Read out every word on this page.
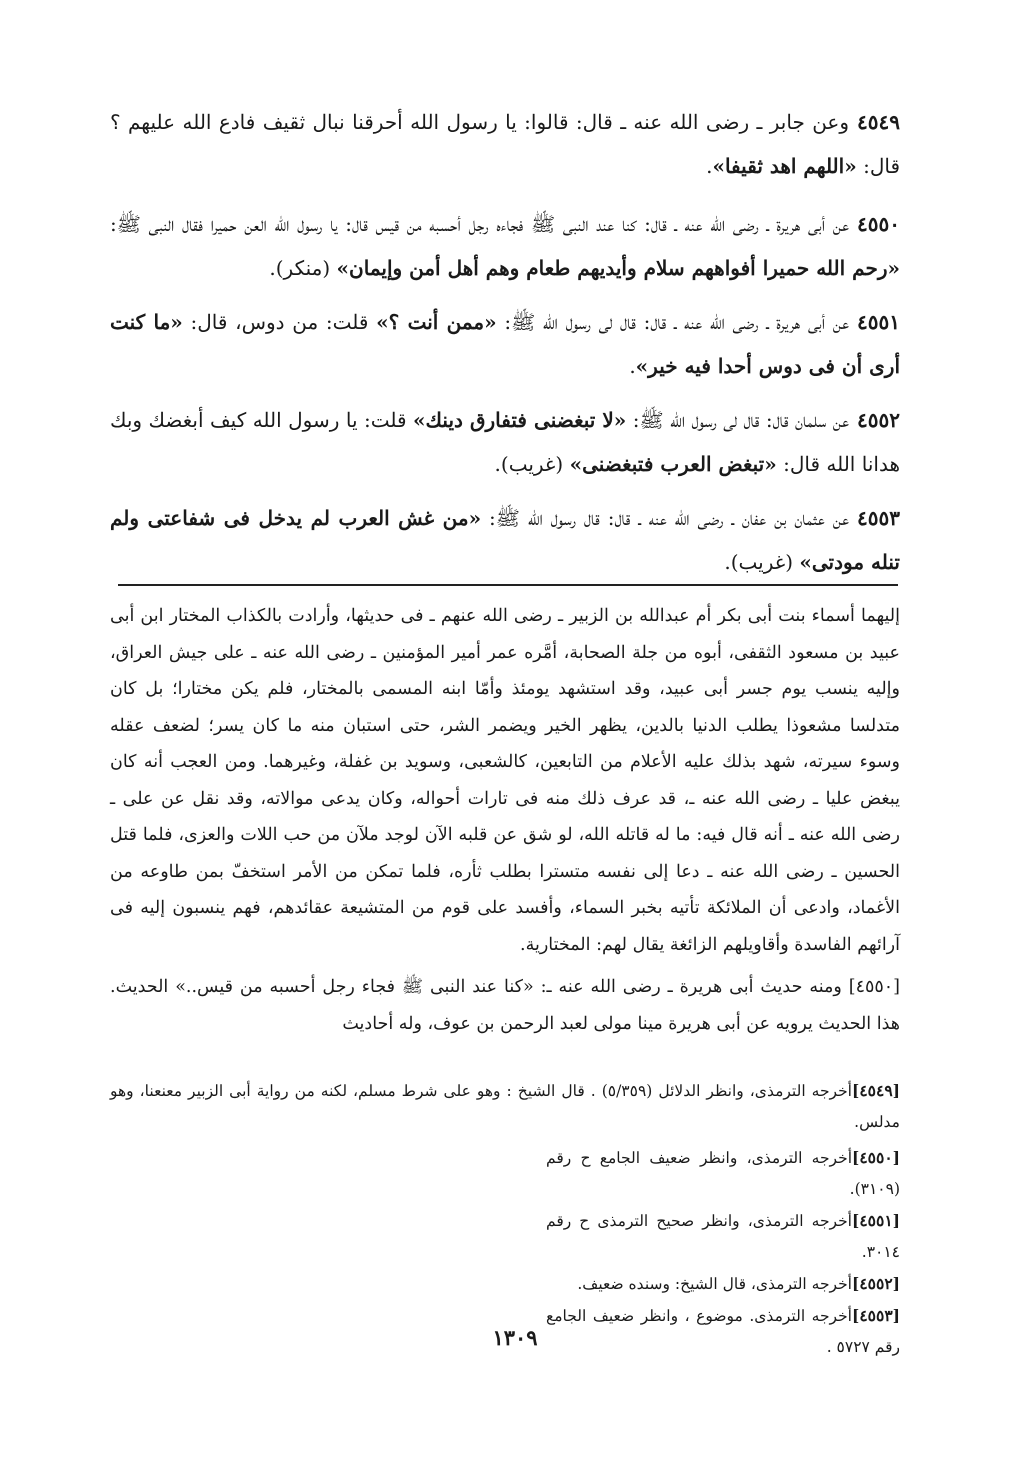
٤٥٤٩وعن جابر ـ رضى الله عنه ـ قال: قالوا: يا رسول الله أحرقنا نبال ثقيف فادع الله عليهم ؟ قال: «اللهم اهد ثقيفا».

٤٥٥٠عن أبى هريرة ـ رضى الله عنه ـ قال: كنا عند النبى ﷺ فجاءه رجل أحسبه من قيس قال: يا رسول الله العن حميرا فقال النبى ﷺ: «رحم الله حميرا أفواههم سلام وأيديهم طعام وهم أهل أمن وإيمان» (منكر).

٤٥٥١عن أبى هريرة ـ رضى الله عنه ـ قال: قال لى رسول الله ﷺ: «ممن أنت ؟» قلت: من دوس، قال: «ما كنت أرى أن فى دوس أحدا فيه خير».

٤٥٥٢عن سلمان قال: قال لى رسول الله ﷺ: «لا تبغضنى فتفارق دينك» قلت: يا رسول الله كيف أبغضك وبك هدانا الله قال: «تبغض العرب فتبغضنى» (غريب).

٤٥٥٣عن عثمان بن عفان ـ رضى الله عنه ـ قال: قال رسول الله ﷺ: «من غش العرب لم يدخل فى شفاعتى ولم تنله مودتى» (غريب).

إليهما أسماء بنت أبى بكر أم عبدالله بن الزبير ـ رضى الله عنهم ـ فى حديثها، وأرادت بالكذاب المختار ابن أبى عبيد بن مسعود الثقفى، أبوه من جلة الصحابة، أمَّره عمر أمير المؤمنين ـ رضى الله عنه ـ على جيش العراق، وإليه ينسب يوم جسر أبى عبيد، وقد استشهد يومئذ وأمّا ابنه المسمى بالمختار، فلم يكن مختارا؛ بل كان متدلسا مشعوذا يطلب الدنيا بالدين، يظهر الخير ويضمر الشر، حتى استبان منه ما كان يسر؛ لضعف عقله وسوء سيرته، شهد بذلك عليه الأعلام من التابعين، كالشعبى، وسويد بن غفلة، وغيرهما. ومن العجب أنه كان يبغض عليا ـ رضى الله عنه ـ، قد عرف ذلك منه فى تارات أحواله، وكان يدعى موالاته، وقد نقل عن على ـ رضى الله عنه ـ أنه قال فيه: ما له قاتله الله، لو شق عن قلبه الآن لوجد ملآن من حب اللات والعزى، فلما قتل الحسين ـ رضى الله عنه ـ دعا إلى نفسه متسترا بطلب ثأره، فلما تمكن من الأمر استخفّ بمن طاوعه من الأغماد، وادعى أن الملائكة تأتيه بخبر السماء، وأفسد على قوم من المتشيعة عقائدهم، فهم ينسبون إليه فى آرائهم الفاسدة وأقاويلهم الزائغة يقال لهم: المختارية.

[٤٥٥٠] ومنه حديث أبى هريرة ـ رضى الله عنه ـ: «كنا عند النبى ﷺ فجاء رجل أحسبه من قيس..» الحديث. هذا الحديث يرويه عن أبى هريرة مينا مولى لعبد الرحمن بن عوف، وله أحاديث

[٤٥٤٩]أخرجه الترمذى، وانظر الدلائل (٥/٣٥٩) . قال الشيخ : وهو على شرط مسلم، لكنه من رواية أبى الزبير معنعنا، وهو مدلس.

[٤٥٥٠]أخرجه الترمذى، وانظر ضعيف الجامع ح رقم (٣١٠٩).

[٤٥٥١]أخرجه الترمذى، وانظر صحيح الترمذى ح رقم ٣٠١٤.

[٤٥٥٢]أخرجه الترمذى، قال الشيخ: وسنده ضعيف.

[٤٥٥٣]أخرجه الترمذى. موضوع ، وانظر ضعيف الجامع رقم ٥٧٢٧ .

١٣٠٩
